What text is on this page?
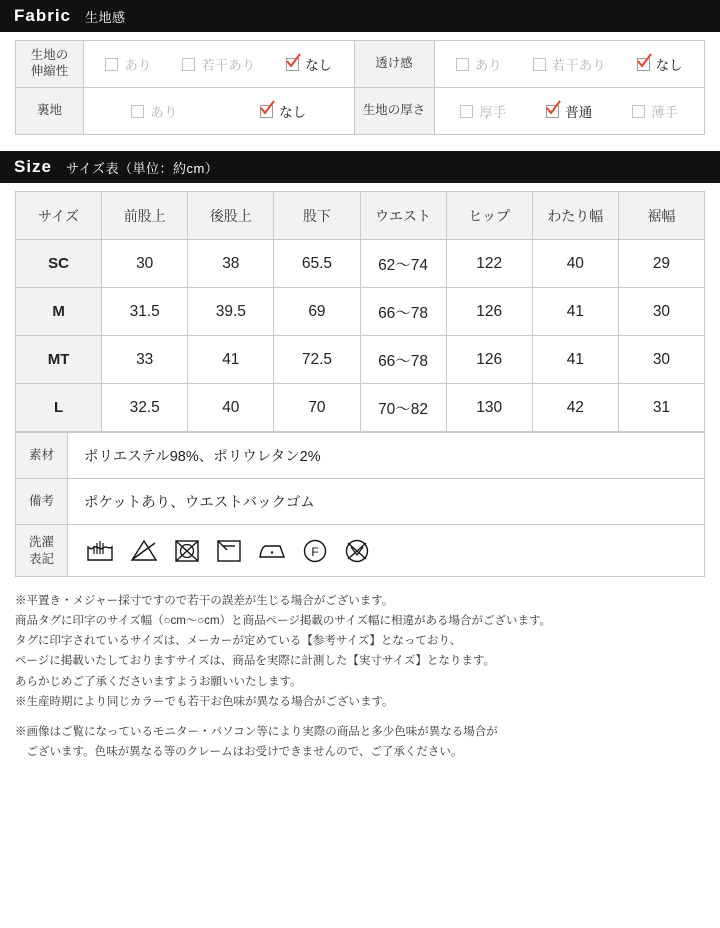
Fabric 生地感
生地の
伸縮性	あり 若干あり なし	透け感	あり 若干あり なし

裏地	あり なし	生地の厚さ	厚手 普通 薄手
Size サイズ表（単位：約cm）
サイズ	前股上	後股上	股下	ウエスト	ヒップ	わたり幅	裾幅
SC	30	38	65.5	62〜74	122	40	29
M	31.5	39.5	69	66〜78	126	41	30
MT	33	41	72.5	66〜78	126	41	30
L	32.5	40	70	70〜82	130	42	31
素材	ポリエステル98%、ポリウレタン2%
備考	ポケットあり、ウエストバックゴム
洗濯
表記	F

※平置き・メジャー採寸ですので若干の誤差が生じる場合がございます。

商品タグに印字のサイズ幅（○cm〜○cm）と商品ページ掲載のサイズ幅に相違がある場合がございます。

タグに印字されているサイズは、メーカーが定めている【参考サイズ】となっており、

ページに掲載いたしておりますサイズは、商品を実際に計測した【実寸サイズ】となります。

あらかじめご了承くださいますようお願いいたします。

※生産時期により同じカラーでも若干お色味が異なる場合がございます。

※画像はご覧になっているモニター・パソコン等により実際の商品と多少色味が異なる場合が

　ございます。色味が異なる等のクレームはお受けできませんので、ご了承ください。
